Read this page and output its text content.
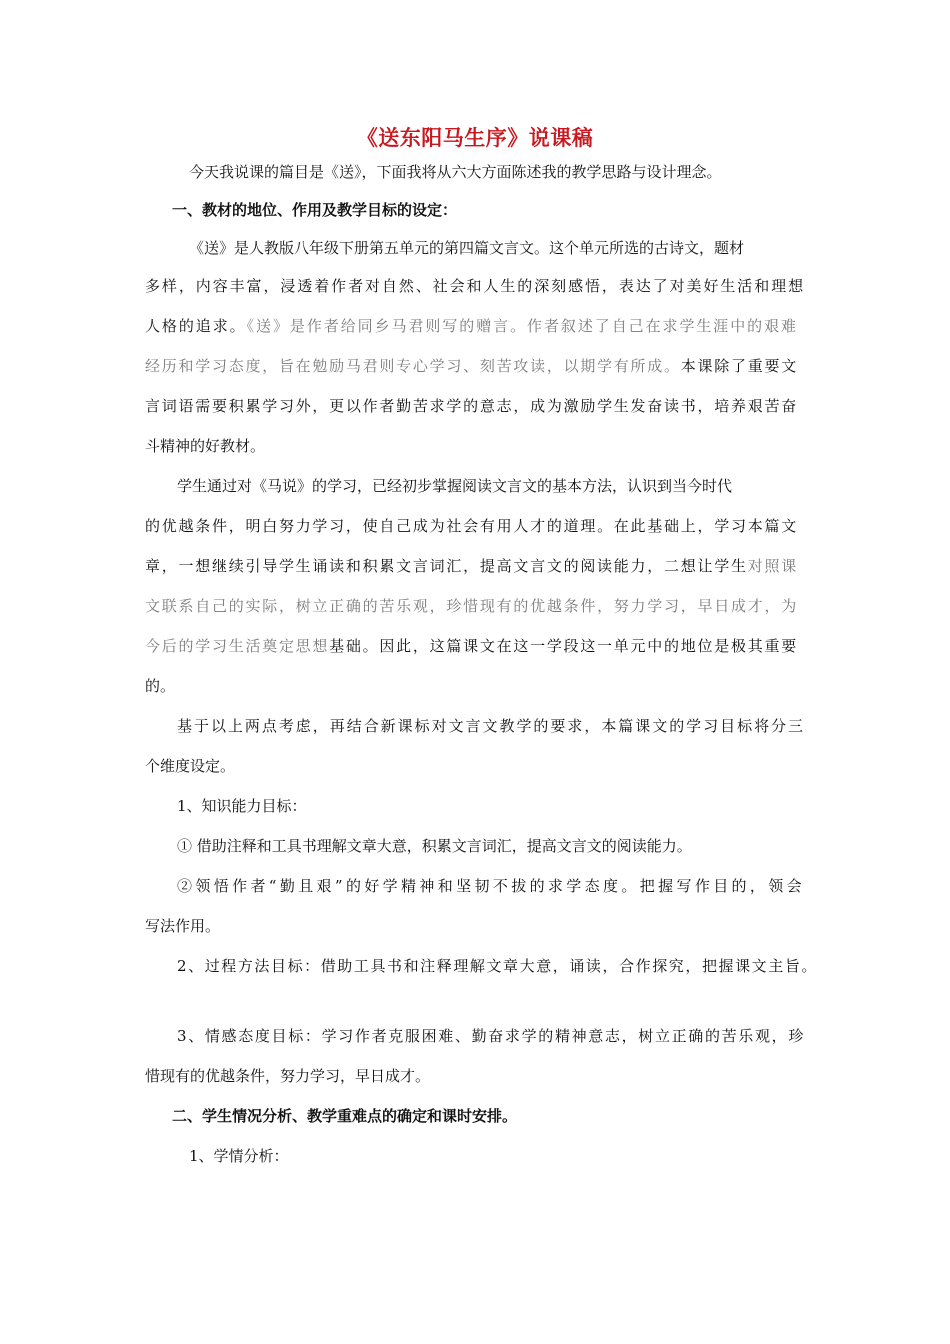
《送东阳马生序》说课稿
今天我说课的篇目是《送》，下面我将从六大方面陈述我的教学思路与设计理念。
一、教材的地位、作用及教学目标的设定：
《送》是人教版八年级下册第五单元的第四篇文言文。这个单元所选的古诗文，题材
多样，内容丰富，浸透着作者对自然、社会和人生的深刻感悟，表达了对美好生活和理想
人格的追求。《送》是作者给同乡马君则写的赠言。作者叙述了自己在求学生涯中的艰难
经历和学习态度，旨在勉励马君则专心学习、刻苦攻读，以期学有所成。本课除了重要文
言词语需要积累学习外，更以作者勤苦求学的意志，成为激励学生发奋读书，培养艰苦奋
斗精神的好教材。
学生通过对《马说》的学习，已经初步掌握阅读文言文的基本方法，认识到当今时代
的优越条件，明白努力学习，使自己成为社会有用人才的道理。在此基础上，学习本篇文
章，一想继续引导学生诵读和积累文言词汇，提高文言文的阅读能力，二想让学生对照课
文联系自己的实际，树立正确的苦乐观，珍惜现有的优越条件，努力学习，早日成才，为
今后的学习生活奠定思想基础。因此，这篇课文在这一学段这一单元中的地位是极其重要
的。
基于以上两点考虑，再结合新课标对文言文教学的要求，本篇课文的学习目标将分三
个维度设定。
1、知识能力目标：
① 借助注释和工具书理解文章大意，积累文言词汇，提高文言文的阅读能力。
②领悟作者“勤且艰”的好学精神和坚韧不拔的求学态度。把握写作目的，领会
写法作用。
2、过程方法目标：借助工具书和注释理解文章大意，诵读，合作探究，把握课文主旨。
3、情感态度目标：学习作者克服困难、勤奋求学的精神意志，树立正确的苦乐观，珍
惜现有的优越条件，努力学习，早日成才。
二、学生情况分析、教学重难点的确定和课时安排。
1、学情分析：
